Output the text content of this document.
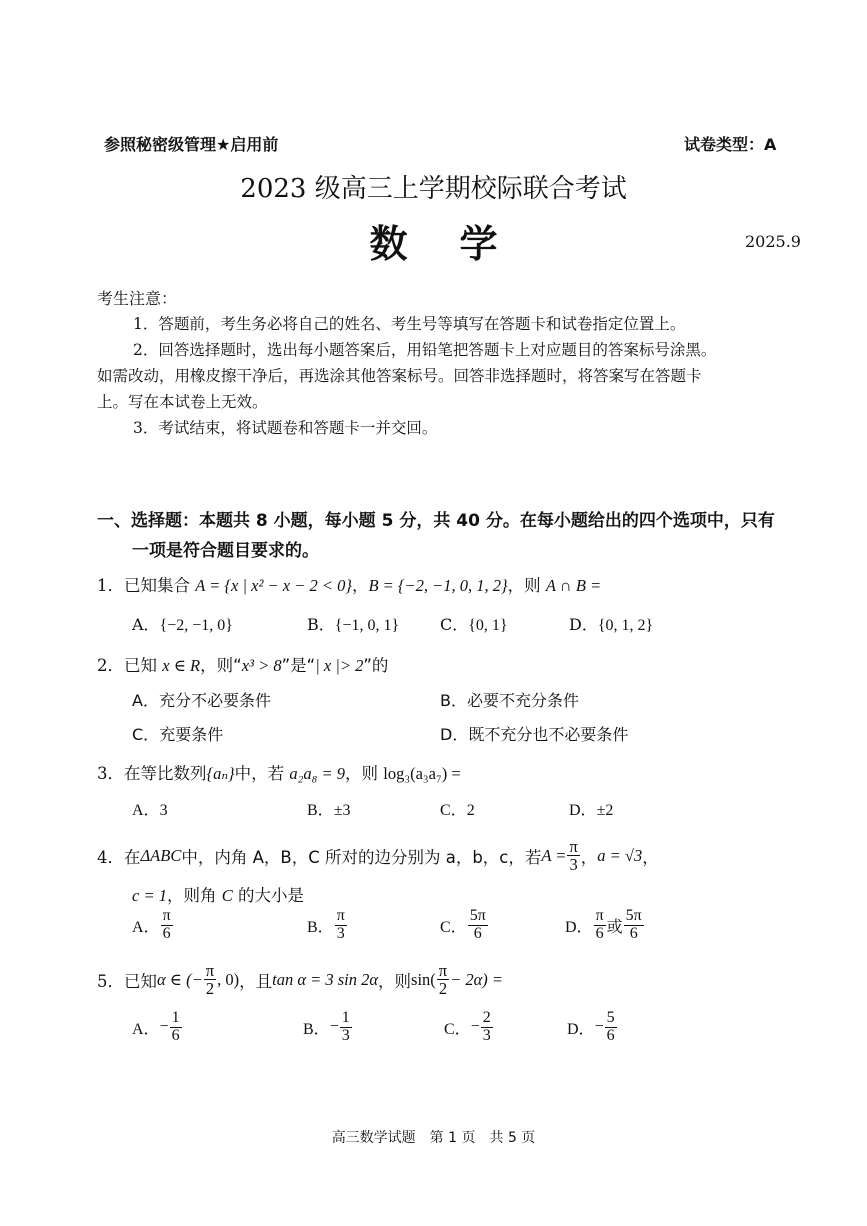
参照秘密级管理★启用前	试卷类型：A
2023 级高三上学期校际联合考试
数学	2025.9
考生注意：
1．答题前，考生务必将自己的姓名、考生号等填写在答题卡和试卷指定位置上。
2．回答选择题时，选出每小题答案后，用铅笔把答题卡上对应题目的答案标号涂黑。
如需改动，用橡皮擦干净后，再选涂其他答案标号。回答非选择题时，将答案写在答题卡
上。写在本试卷上无效。
3．考试结束，将试题卷和答题卡一并交回。
一、选择题：本题共 8 小题，每小题 5 分，共 40 分。在每小题给出的四个选项中，只有
一项是符合题目要求的。
1．已知集合 A = {x | x² − x − 2 < 0}，B = {−2, −1, 0, 1, 2}，则 A ∩ B =
A．{−2, −1, 0}	B．{−1, 0, 1}	C．{0, 1}	D．{0, 1, 2}
2．已知 x ∈ R，则“x³ > 8”是“| x |> 2”的
A．充分不必要条件	B．必要不充分条件
C．充要条件	D．既不充分也不必要条件
3．在等比数列{aₙ}中，若 a₂a₈ = 9，则 log₃(a₃a₇) =
A．3	B．±3	C．2	D．±2
4． 在 ΔABC 中，内角 A，B，C 所对的边分别为 a，b，c，若 $A = \frac{\pi}{3}$ ， a = √3 ，
c = 1，则角 C 的大小是
A． $\frac{\pi}{6}$	B． $\frac{\pi}{3}$	C． $\frac{5\pi}{6}$	D． $\frac{\pi}{6}$ 或 $\frac{5\pi}{6}$
5． 已知 α ∈ (− $\frac{\pi}{2}$ , 0) ，且 tan α = 3 sin 2α ，则 $\sin( \frac{\pi}{2} - 2\alpha)$ =
A． − $\frac{1}{6}$	B． − $\frac{1}{3}$	C． − $\frac{2}{3}$	D． − $\frac{5}{6}$
高三数学试题　第 1 页　共 5 页
